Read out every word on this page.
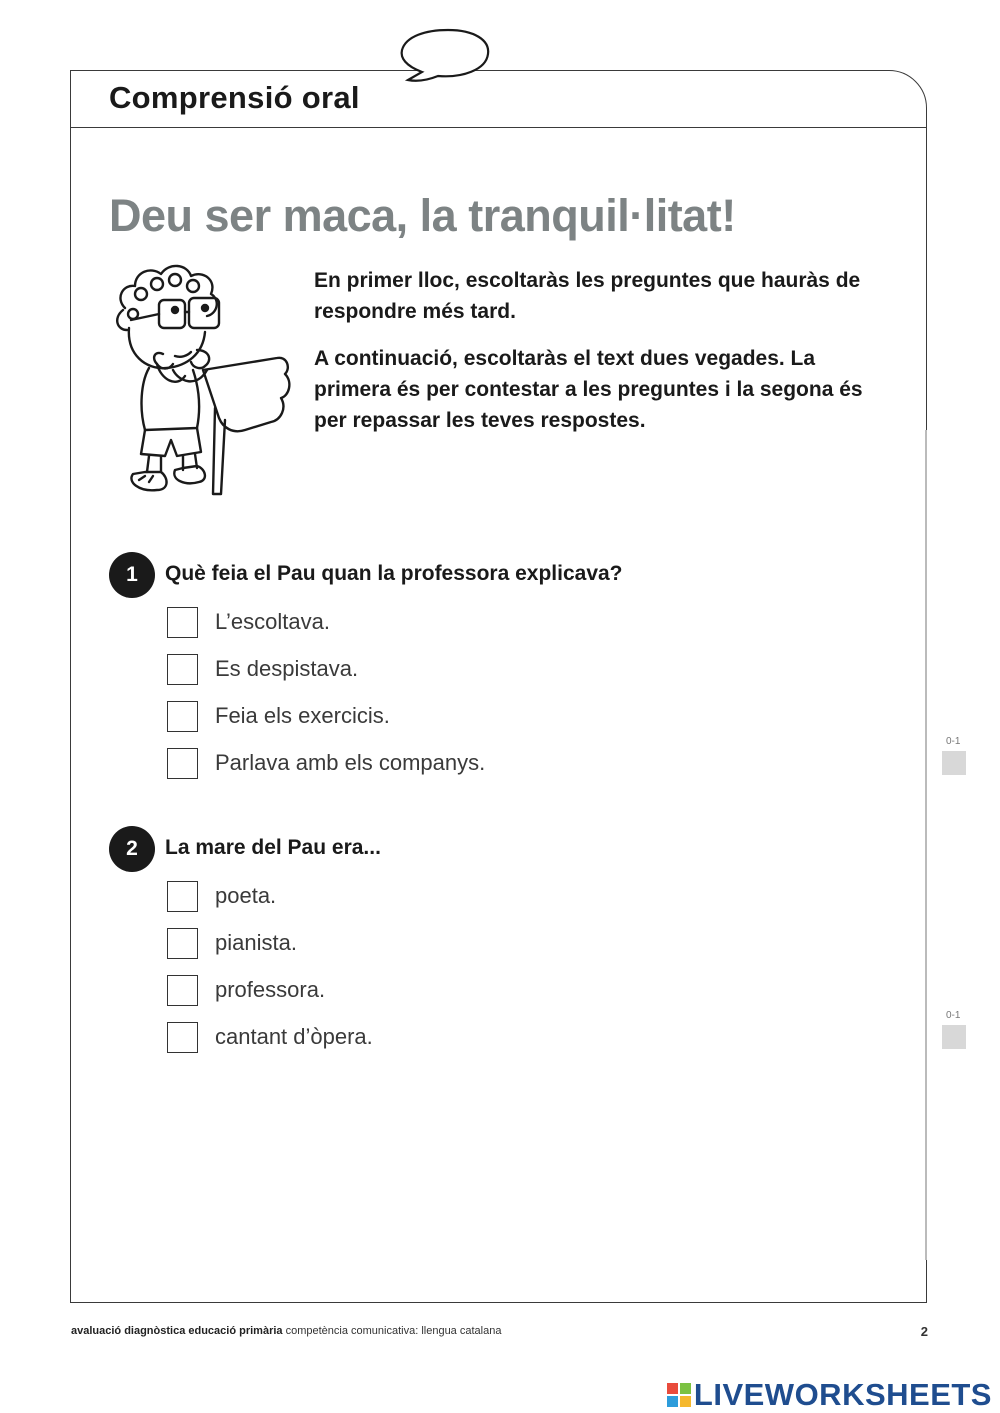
Comprensió oral
Deu ser maca, la tranquil·litat!

En primer lloc, escoltaràs les preguntes que hauràs de respondre més tard.

A continuació, escoltaràs el text dues vegades. La primera és per contestar a les preguntes i la segona és per repassar les teves respostes.

1	Què feia el Pau quan la professora explicava?
L’escoltava.
Es despistava.
Feia els exercicis.
Parlava amb els companys.
2	La mare del Pau era...
poeta.
pianista.
professora.
cantant d’òpera.
0-1
0-1
avaluació diagnòstica educació primària competència comunicativa: llengua catalana	2
LIVEWORKSHEETS
